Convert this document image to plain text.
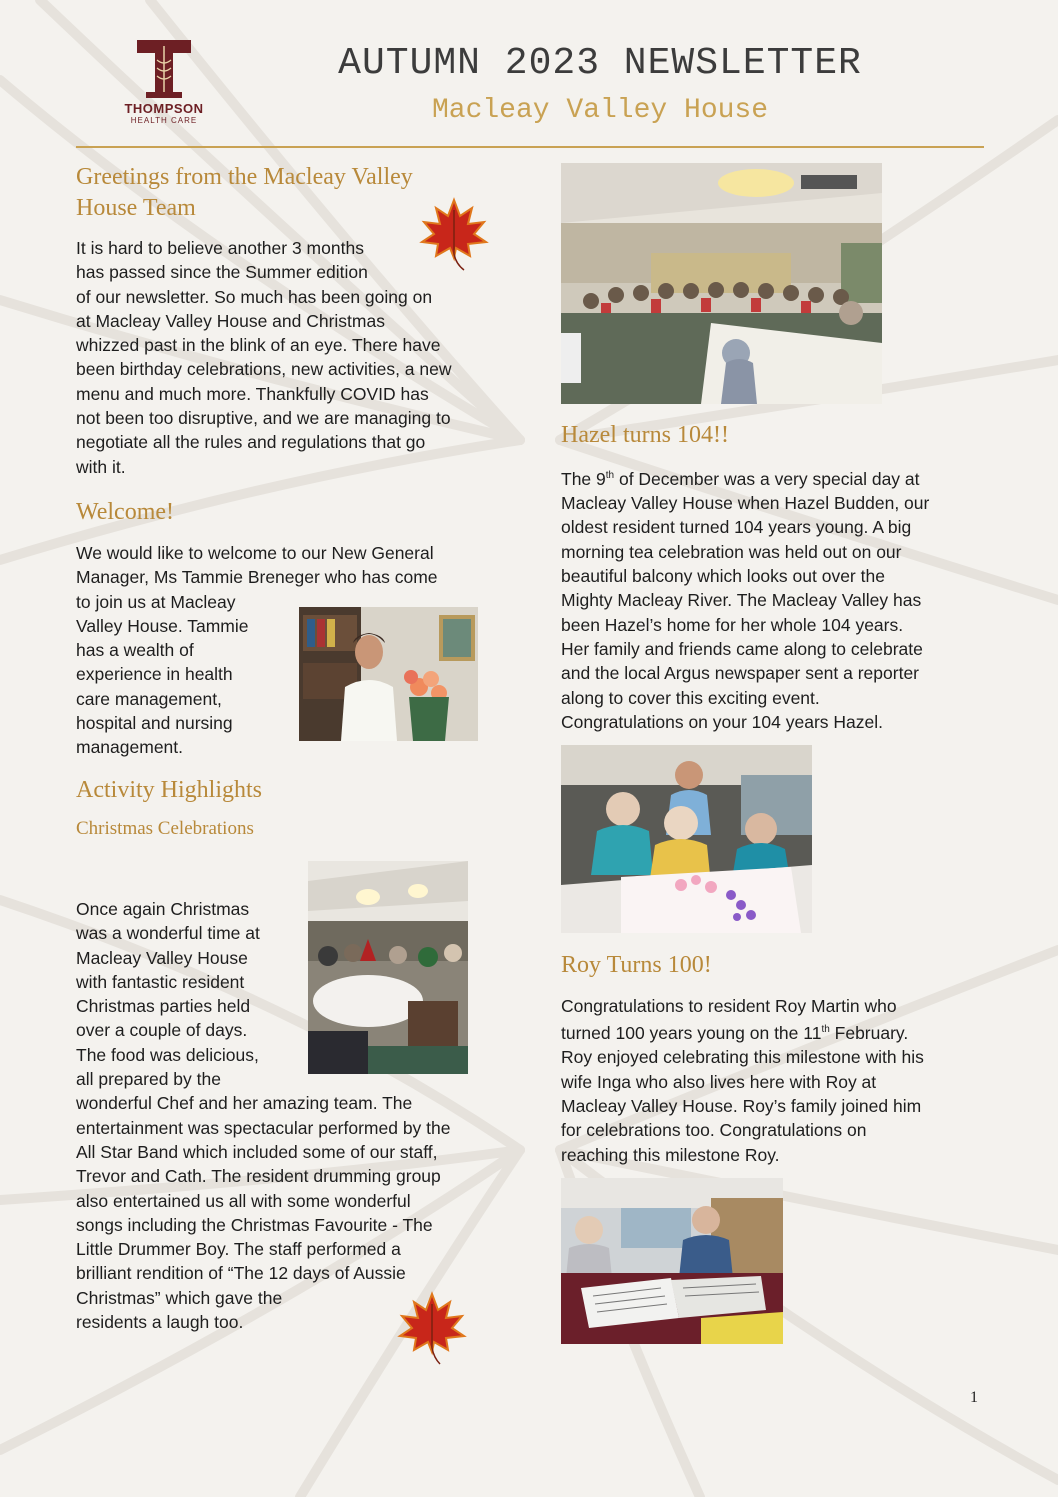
THOMPSON
HEALTH CARE
AUTUMN 2023 NEWSLETTER
Macleay Valley House
Greetings from the Macleay Valley
House Team
It is hard to believe another 3 months
has passed since the Summer edition
of our newsletter. So much has been going on
at Macleay Valley House and Christmas
whizzed past in the blink of an eye. There have
been birthday celebrations, new activities, a new
menu and much more. Thankfully COVID has
not been too disruptive, and we are managing to
negotiate all the rules and regulations that go
with it.
Welcome!
We would like to welcome to our New General
Manager, Ms Tammie Breneger who has come
to join us at Macleay
Valley House. Tammie
has a wealth of
experience in health
care management,
hospital and nursing
management.
Activity Highlights
Christmas Celebrations
Once again Christmas
was a wonderful time at
Macleay Valley House
with fantastic resident
Christmas parties held
over a couple of days.
The food was delicious,
all prepared by the
wonderful Chef and her amazing team. The
entertainment was spectacular performed by the
All Star Band which included some of our staff,
Trevor and Cath. The resident drumming group
also entertained us all with some wonderful
songs including the Christmas Favourite - The
Little Drummer Boy. The staff performed a
brilliant rendition of “The 12 days of Aussie
Christmas” which gave the
residents a laugh too.
Hazel turns 104!!
The 9th of December was a very special day at
Macleay Valley House when Hazel Budden, our
oldest resident turned 104 years young. A big
morning tea celebration was held out on our
beautiful balcony which looks out over the
Mighty Macleay River. The Macleay Valley has
been Hazel’s home for her whole 104 years.
Her family and friends came along to celebrate
and the local Argus newspaper sent a reporter
along to cover this exciting event.
Congratulations on your 104 years Hazel.
Roy Turns 100!
Congratulations to resident Roy Martin who
turned 100 years young on the 11th February.
Roy enjoyed celebrating this milestone with his
wife Inga who also lives here with Roy at
Macleay Valley House. Roy’s family joined him
for celebrations too. Congratulations on
reaching this milestone Roy.
1
